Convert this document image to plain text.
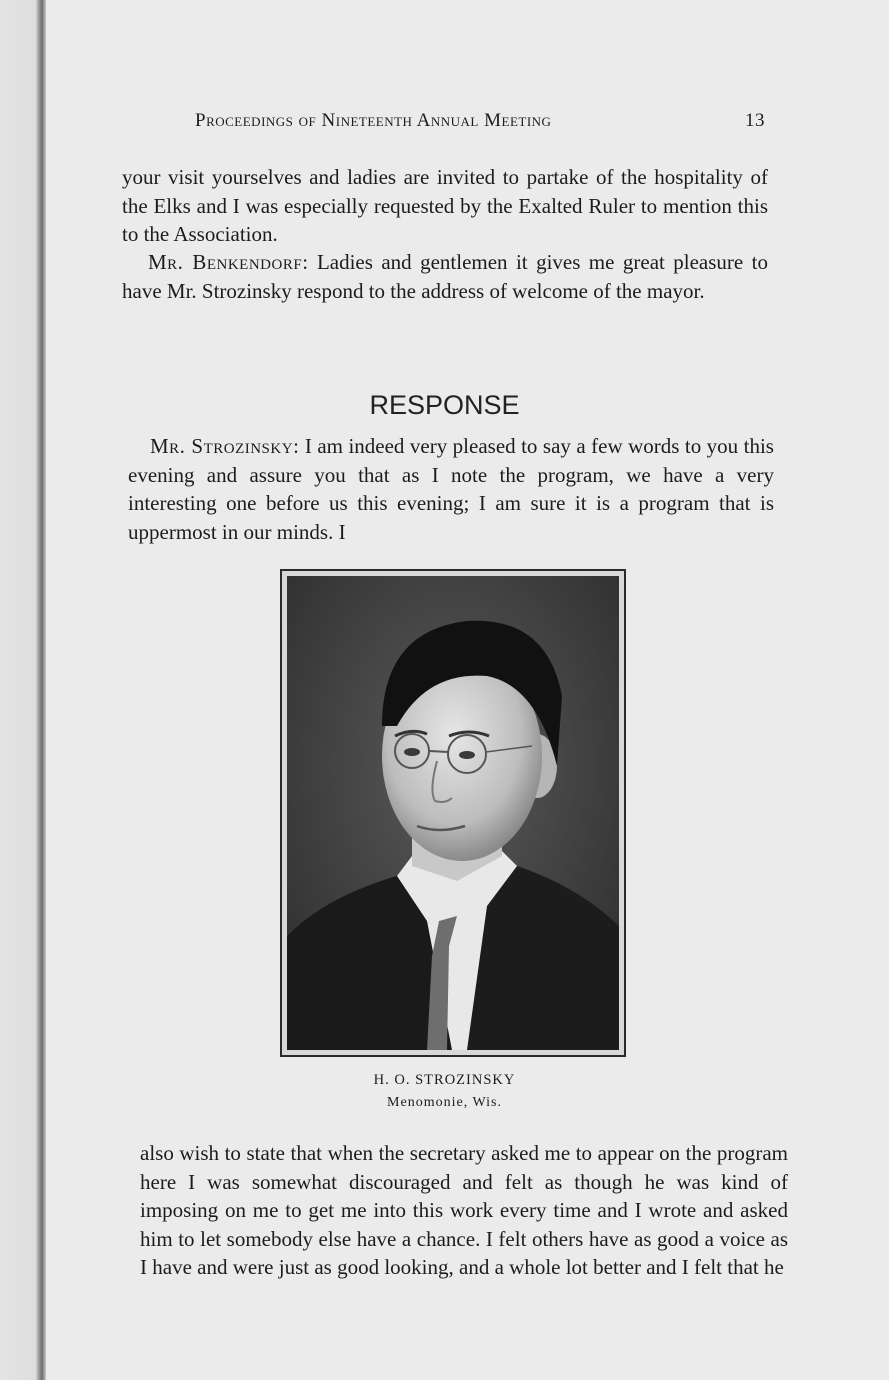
Proceedings of Nineteenth Annual Meeting	13
your visit yourselves and ladies are invited to partake of the hospitality of the Elks and I was especially requested by the Exalted Ruler to mention this to the Association.
Mr. Benkendorf: Ladies and gentlemen it gives me great pleasure to have Mr. Strozinsky respond to the address of welcome of the mayor.
RESPONSE
Mr. Strozinsky: I am indeed very pleased to say a few words to you this evening and assure you that as I note the program, we have a very interesting one before us this evening; I am sure it is a program that is uppermost in our minds. I
H. O. STROZINSKY
Menomonie, Wis.
also wish to state that when the secretary asked me to appear on the program here I was somewhat discouraged and felt as though he was kind of imposing on me to get me into this work every time and I wrote and asked him to let somebody else have a chance. I felt others have as good a voice as I have and were just as good looking, and a whole lot better and I felt that he
